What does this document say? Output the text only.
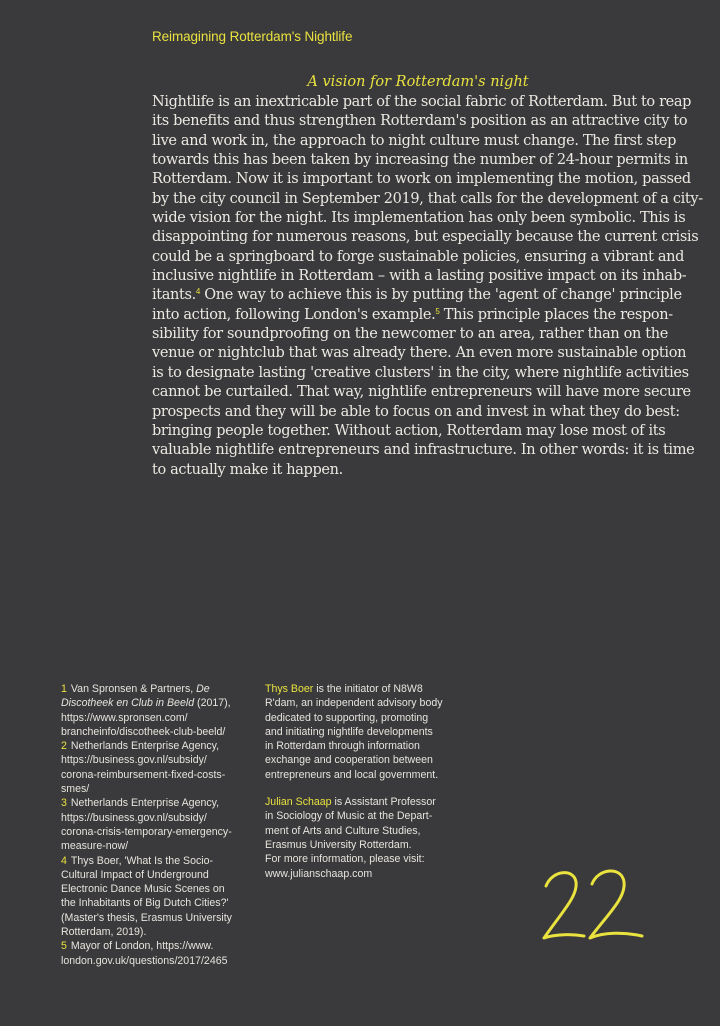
Reimagining Rotterdam's Nightlife
A vision for Rotterdam's night
Nightlife is an inextricable part of the social fabric of Rotterdam. But to reap
its benefits and thus strengthen Rotterdam's position as an attractive city to
live and work in, the approach to night culture must change. The first step
towards this has been taken by increasing the number of 24-hour permits in
Rotterdam. Now it is important to work on implementing the motion, passed
by the city council in September 2019, that calls for the development of a city-
wide vision for the night. Its implementation has only been symbolic. This is
disappointing for numerous reasons, but especially because the current crisis
could be a springboard to forge sustainable policies, ensuring a vibrant and
inclusive nightlife in Rotterdam – with a lasting positive impact on its inhab-
itants.$^4$ One way to achieve this is by putting the 'agent of change' principle
into action, following London's example.$^5$ This principle places the respon-
sibility for soundproofing on the newcomer to an area, rather than on the
venue or nightclub that was already there. An even more sustainable option
is to designate lasting 'creative clusters' in the city, where nightlife activities
cannot be curtailed. That way, nightlife entrepreneurs will have more secure
prospects and they will be able to focus on and invest in what they do best:
bringing people together. Without action, Rotterdam may lose most of its
valuable nightlife entrepreneurs and infrastructure. In other words: it is time
to actually make it happen.
1 Van Spronsen & Partners, De
Discotheek en Club in Beeld (2017),
https://www.spronsen.com/
brancheinfo/discotheek-club-beeld/
2 Netherlands Enterprise Agency,
https://business.gov.nl/subsidy/
corona-reimbursement-fixed-costs-
smes/
3 Netherlands Enterprise Agency,
https://business.gov.nl/subsidy/
corona-crisis-temporary-emergency-
measure-now/
4 Thys Boer, 'What Is the Socio-
Cultural Impact of Underground
Electronic Dance Music Scenes on
the Inhabitants of Big Dutch Cities?'
(Master's thesis, Erasmus University
Rotterdam, 2019).
5 Mayor of London, https://www.
london.gov.uk/questions/2017/2465
Thys Boer is the initiator of N8W8
R'dam, an independent advisory body
dedicated to supporting, promoting
and initiating nightlife developments
in Rotterdam through information
exchange and cooperation between
entrepreneurs and local government.
Julian Schaap is Assistant Professor
in Sociology of Music at the Depart-
ment of Arts and Culture Studies,
Erasmus University Rotterdam.
For more information, please visit:
www.julianschaap.com
